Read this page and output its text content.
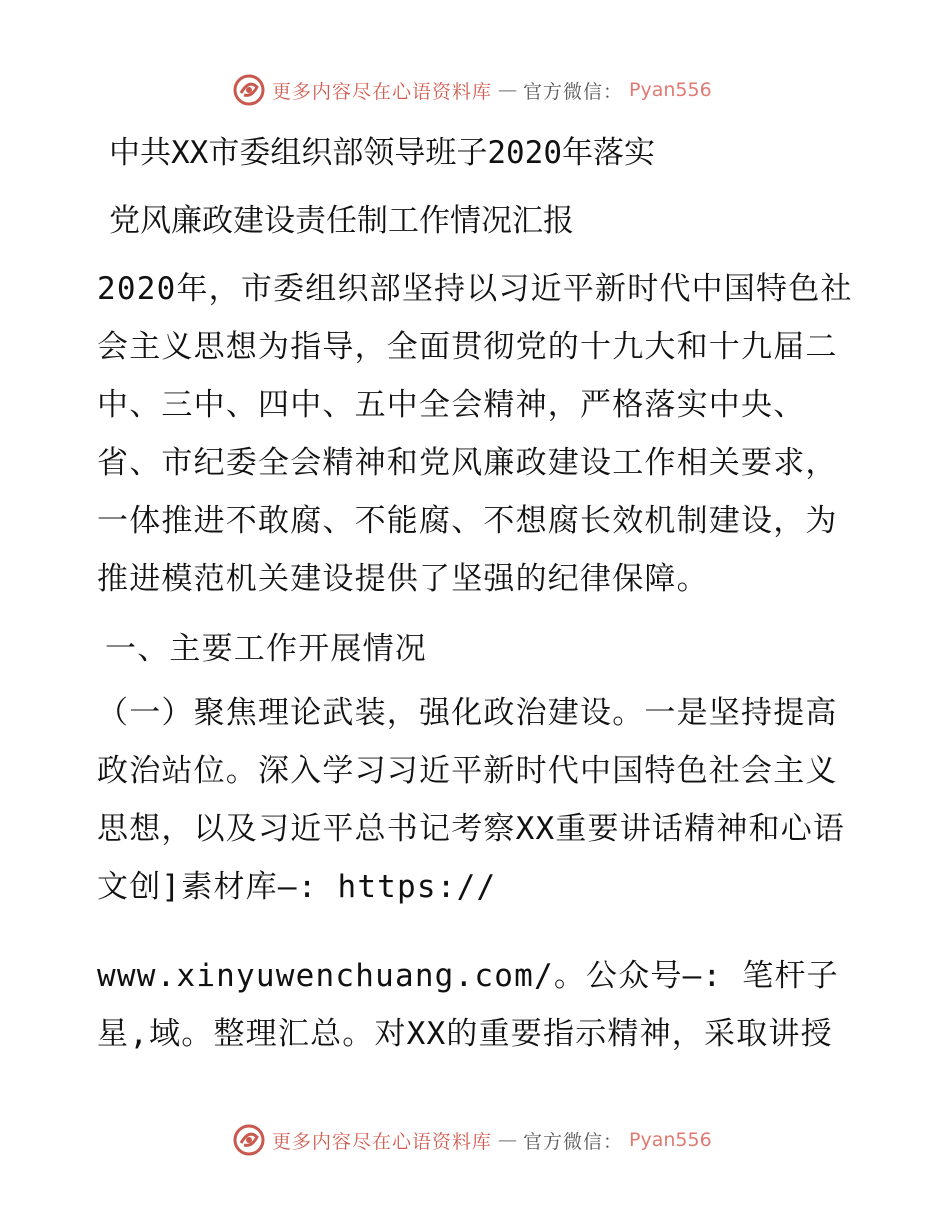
更多内容尽在心语资料库 — 官方微信： Pyan556
中共XX市委组织部领导班子2020年落实
党风廉政建设责任制工作情况汇报

2020年，市委组织部坚持以习近平新时代中国特色社会主义思想为指导，全面贯彻党的十九大和十九届二中、三中、四中、五中全会精神，严格落实中央、省、市纪委全会精神和党风廉政建设工作相关要求，一体推进不敢腐、不能腐、不想腐长效机制建设，为推进模范机关建设提供了坚强的纪律保障。

一、主要工作开展情况

（一）聚焦理论武装，强化政治建设。一是坚持提高政治站位。深入学习习近平新时代中国特色社会主义思想，以及习近平总书记考察XX重要讲话精神和心语文创]素材库—: https://

www.xinyuwenchuang.com/。公众号—: 笔杆子星,域。整理汇总。对XX的重要指示精神，采取讲授

更多内容尽在心语资料库 — 官方微信： Pyan556
